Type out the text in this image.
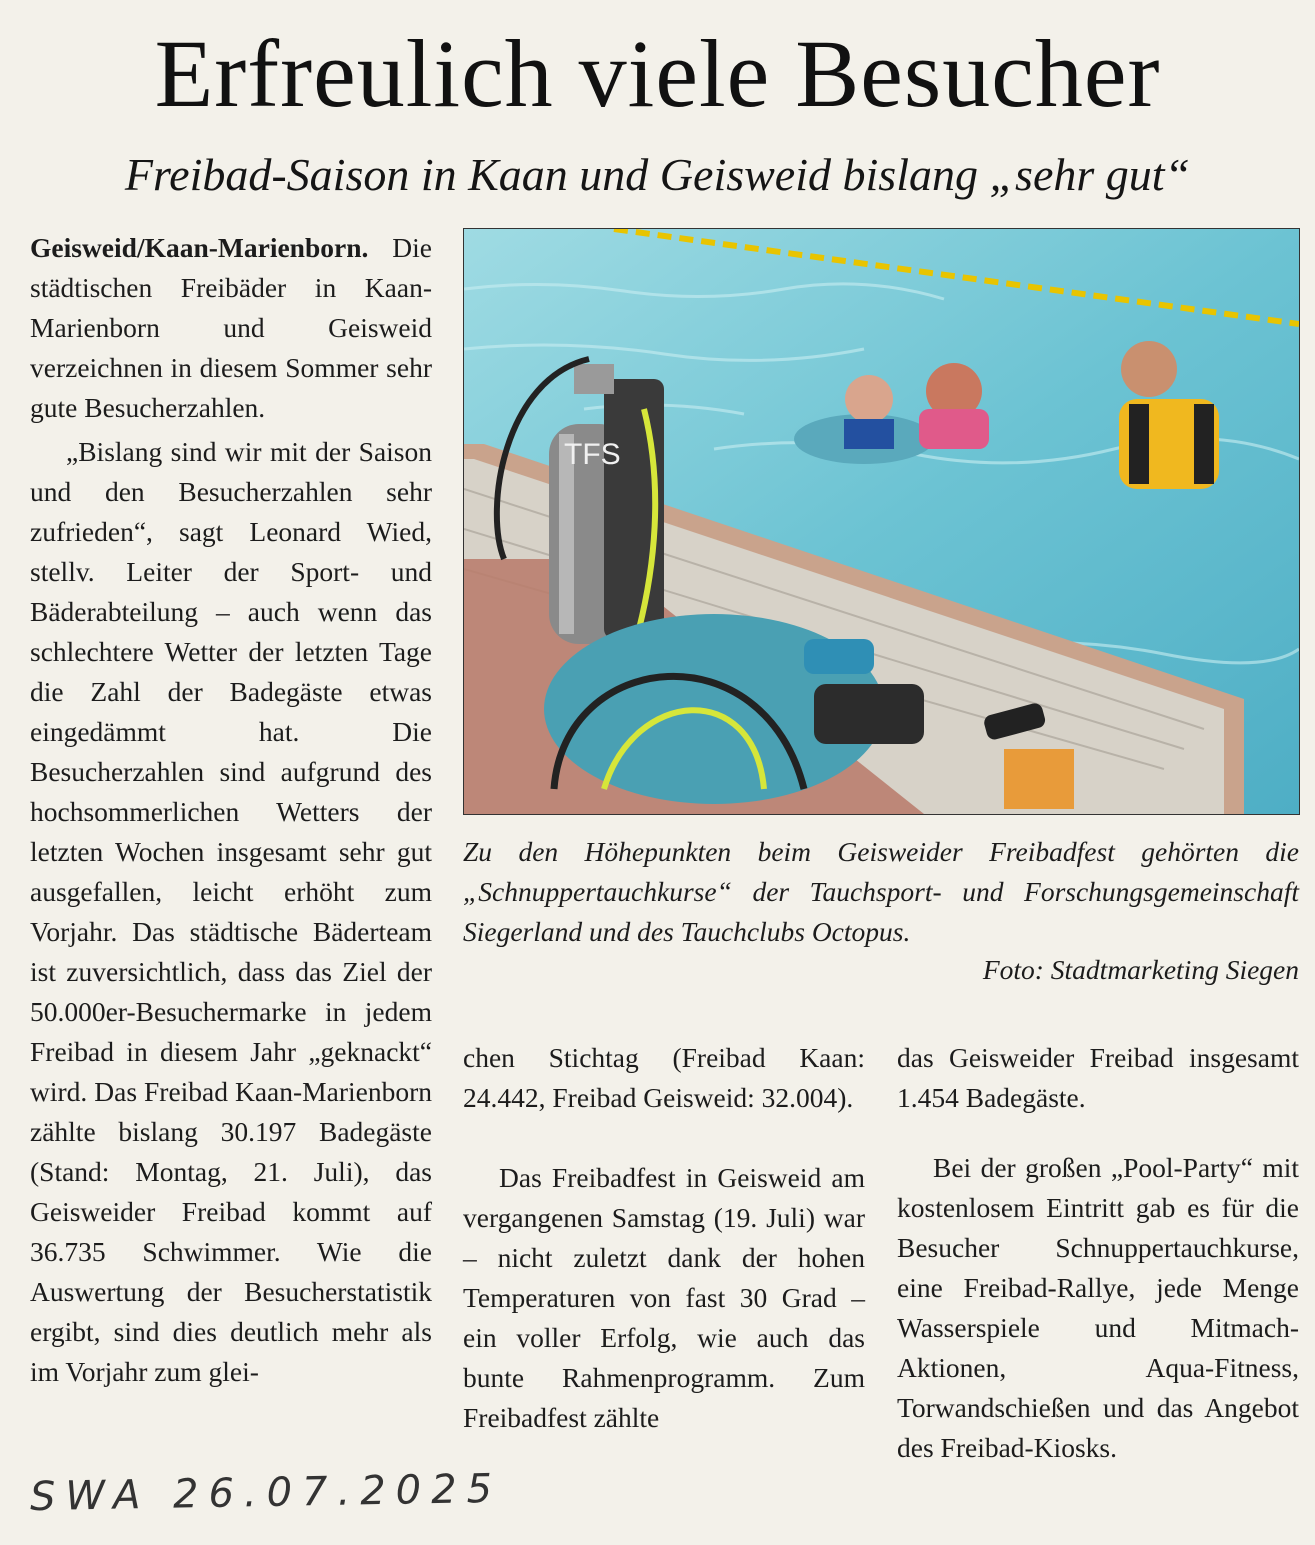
Erfreulich viele Besucher
Freibad-Saison in Kaan und Geisweid bislang „sehr gut“

Geisweid/Kaan-Marienborn. Die städtischen Freibäder in Kaan-Marienborn und Geisweid verzeichnen in diesem Sommer sehr gute Besucherzahlen.

„Bislang sind wir mit der Saison und den Besucherzahlen sehr zufrieden“, sagt Leonard Wied, stellv. Leiter der Sport- und Bäderabteilung – auch wenn das schlechtere Wetter der letzten Tage die Zahl der Badegäste etwas eingedämmt hat. Die Besucherzahlen sind aufgrund des hochsommerlichen Wetters der letzten Wochen insgesamt sehr gut ausgefallen, leicht erhöht zum Vorjahr. Das städtische Bäderteam ist zuversichtlich, dass das Ziel der 50.000er-Besuchermarke in jedem Freibad in diesem Jahr „geknackt“ wird. Das Freibad Kaan-Marienborn zählte bislang 30.197 Badegäste (Stand: Montag, 21. Juli), das Geisweider Freibad kommt auf 36.735 Schwimmer. Wie die Auswertung der Besucherstatistik ergibt, sind dies deutlich mehr als im Vorjahr zum glei-

TFS
Zu den Höhepunkten beim Geisweider Freibadfest gehörten die „Schnuppertauchkurse“ der Tauchsport- und Forschungsgemeinschaft Siegerland und des Tauchclubs Octopus.
Foto: Stadtmarketing Siegen

chen Stichtag (Freibad Kaan: 24.442, Freibad Geisweid: 32.004).

Das Freibadfest in Geisweid am vergangenen Samstag (19. Juli) war – nicht zuletzt dank der hohen Temperaturen von fast 30 Grad – ein voller Erfolg, wie auch das bunte Rahmenprogramm. Zum Freibadfest zählte

das Geisweider Freibad insgesamt 1.454 Badegäste.

Bei der großen „Pool-Party“ mit kostenlosem Eintritt gab es für die Besucher Schnuppertauchkurse, eine Freibad-Rallye, jede Menge Wasserspiele und Mitmach-Aktionen, Aqua-Fitness, Torwandschießen und das Angebot des Freibad-Kiosks.

SWA 26.07.2025
